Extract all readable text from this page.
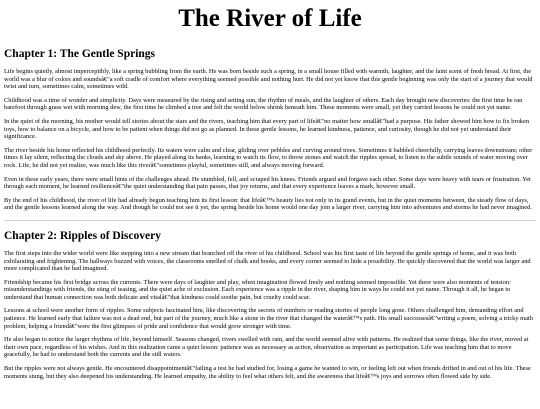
The River of Life
Chapter 1: The Gentle Springs

Life begins quietly, almost imperceptibly, like a spring bubbling from the earth. He was born beside such a spring, in a small house filled with warmth, laughter, and the faint scent of fresh bread. At first, the world was a blur of colors and soundsâ€"a soft cradle of comfort where everything seemed possible and nothing hurt. He did not yet know that this gentle beginning was only the start of a journey that would twist and turn, sometimes calm, sometimes wild.

Childhood was a time of wonder and simplicity. Days were measured by the rising and setting sun, the rhythm of meals, and the laughter of others. Each day brought new discoveries: the first time he ran barefoot through grass wet with morning dew, the first time he climbed a tree and felt the world below shrink beneath him. These moments were small, yet they carried lessons he could not yet name.

In the quiet of the morning, his mother would tell stories about the stars and the rivers, teaching him that every part of lifeâ€"no matter how smallâ€"had a purpose. His father showed him how to fix broken toys, how to balance on a bicycle, and how to be patient when things did not go as planned. In these gentle lessons, he learned kindness, patience, and curiosity, though he did not yet understand their significance.

The river beside his home reflected his childhood perfectly. Its waters were calm and clear, gliding over pebbles and curving around trees. Sometimes it babbled cheerfully, carrying leaves downstream; other times it lay silent, reflecting the clouds and sky above. He played along its banks, learning to watch its flow, to throw stones and watch the ripples spread, to listen to the subtle sounds of water moving over rock. Life, he did not yet realize, was much like this riverâ€"sometimes playful, sometimes still, and always moving forward.

Even in these early years, there were small hints of the challenges ahead. He stumbled, fell, and scraped his knees. Friends argued and forgave each other. Some days were heavy with tears or frustration. Yet through each moment, he learned resilienceâ€"the quiet understanding that pain passes, that joy returns, and that every experience leaves a mark, however small.

By the end of his childhood, the river of life had already begun teaching him its first lesson: that lifeâ€™s beauty lies not only in its grand events, but in the quiet moments between, the steady flow of days, and the gentle lessons learned along the way. And though he could not see it yet, the spring beside his home would one day join a larger river, carrying him into adventures and storms he had never imagined.

Chapter 2: Ripples of Discovery

The first steps into the wider world were like stepping into a new stream that branched off the river of his childhood. School was his first taste of life beyond the gentle springs of home, and it was both exhilarating and frightening. The hallways buzzed with voices, the classrooms smelled of chalk and books, and every corner seemed to hide a possibility. He quickly discovered that the world was larger and more complicated than he had imagined.

Friendship became his first bridge across the currents. There were days of laughter and play, when imagination flowed freely and nothing seemed impossible. Yet there were also moments of tension: misunderstandings with friends, the sting of teasing, and the quiet ache of exclusion. Each experience was a ripple in the river, shaping him in ways he could not yet name. Through it all, he began to understand that human connection was both delicate and vitalâ€"that kindness could soothe pain, but cruelty could scar.

Lessons at school were another form of ripples. Some subjects fascinated him, like discovering the secrets of numbers or reading stories of people long gone. Others challenged him, demanding effort and patience. He learned early that failure was not a dead end, but part of the journey, much like a stone in the river that changed the waterâ€™s path. His small successesâ€"writing a poem, solving a tricky math problem, helping a friendâ€"were the first glimpses of pride and confidence that would grow stronger with time.

He also began to notice the larger rhythms of life, beyond himself. Seasons changed, rivers swelled with rain, and the world seemed alive with patterns. He realized that some things, like the river, moved at their own pace, regardless of his wishes. And in this realization came a quiet lesson: patience was as necessary as action, observation as important as participation. Life was teaching him that to move gracefully, he had to understand both the currents and the still waters.

But the ripples were not always gentle. He encountered disappointmentâ€"failing a test he had studied for, losing a game he wanted to win, or feeling left out when friends drifted in and out of his life. These moments stung, but they also deepened his understanding. He learned empathy, the ability to feel what others felt, and the awareness that lifeâ€™s joys and sorrows often flowed side by side.
